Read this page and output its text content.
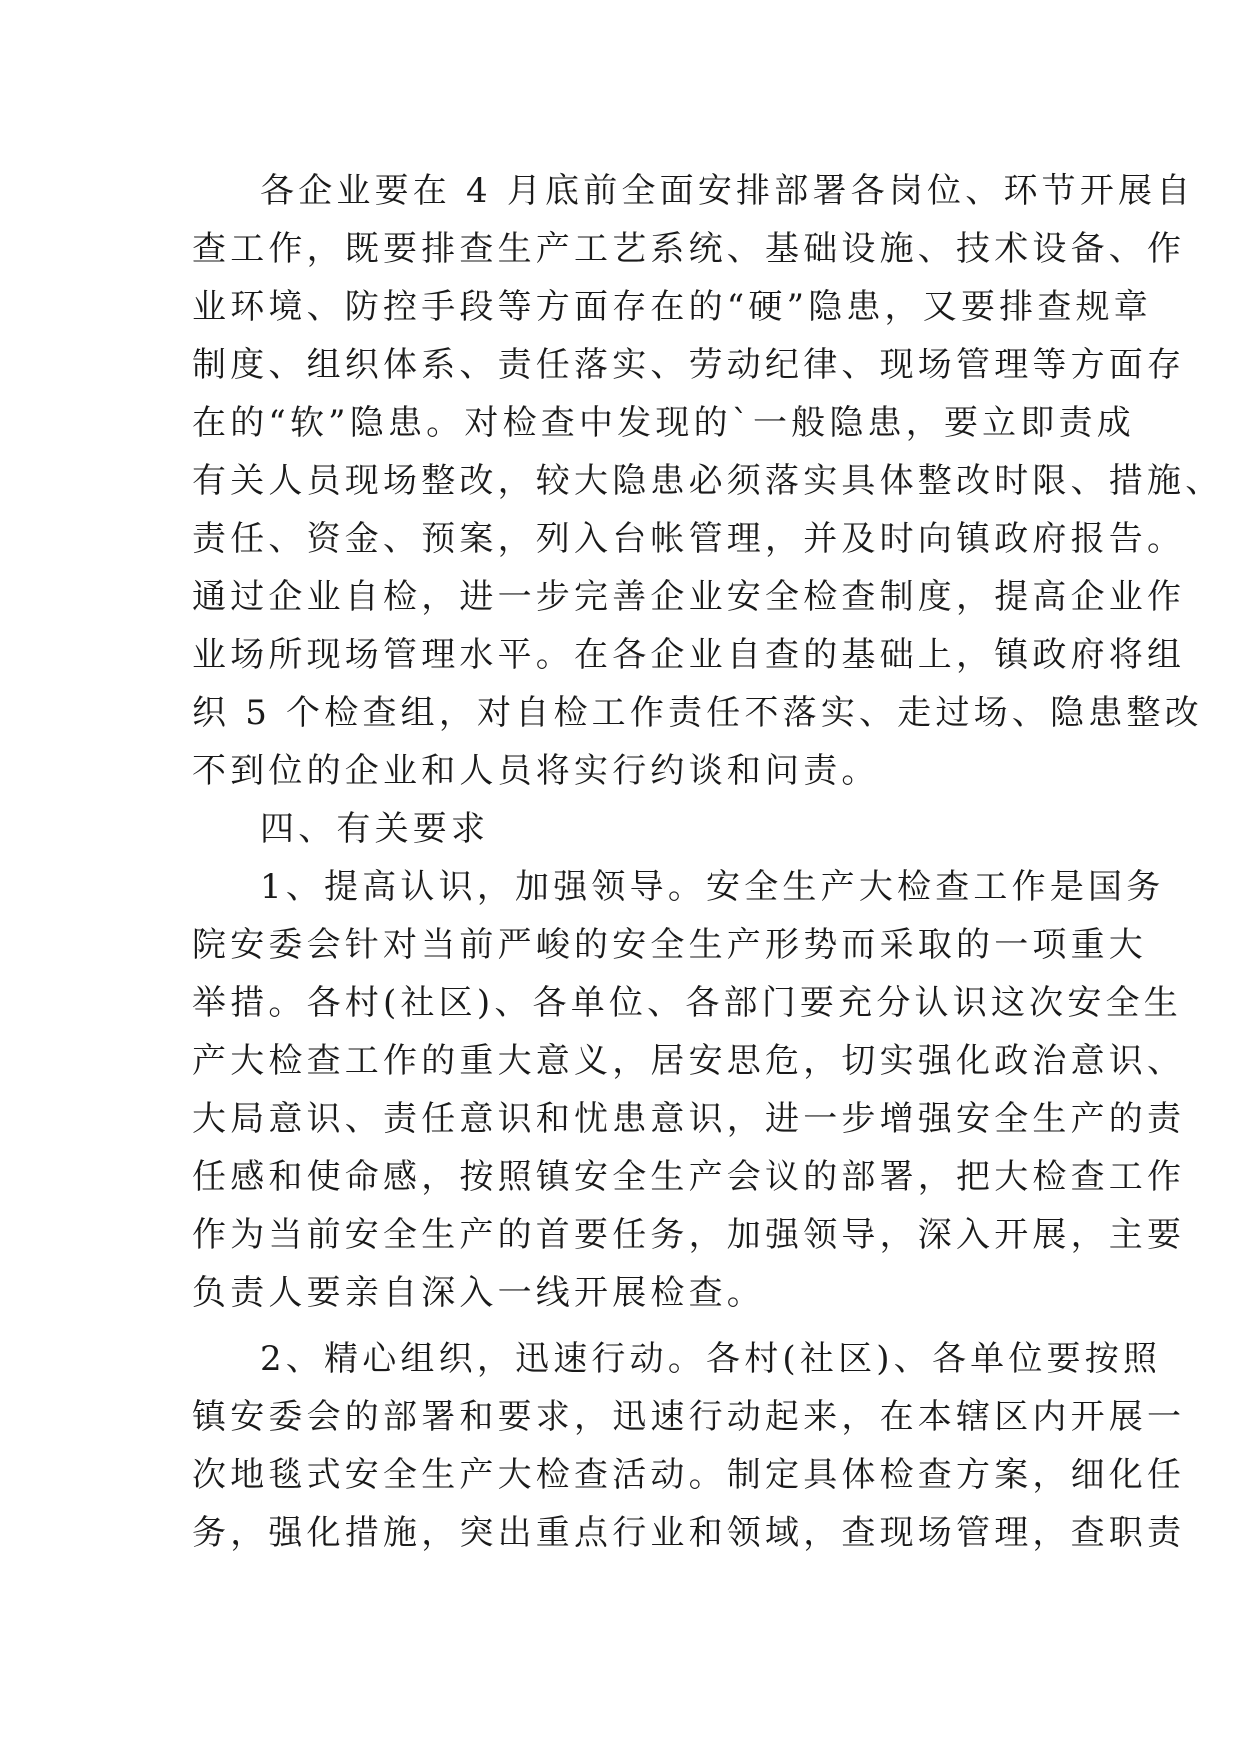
各企业要在 4 月底前全面安排部署各岗位、环节开展自
查工作，既要排查生产工艺系统、基础设施、技术设备、作
业环境、防控手段等方面存在的“硬”隐患，又要排查规章
制度、组织体系、责任落实、劳动纪律、现场管理等方面存
在的“软”隐患。对检查中发现的`一般隐患，要立即责成
有关人员现场整改，较大隐患必须落实具体整改时限、措施、
责任、资金、预案，列入台帐管理，并及时向镇政府报告。
通过企业自检，进一步完善企业安全检查制度，提高企业作
业场所现场管理水平。在各企业自查的基础上，镇政府将组
织 5 个检查组，对自检工作责任不落实、走过场、隐患整改
不到位的企业和人员将实行约谈和问责。
四、有关要求
1、提高认识，加强领导。安全生产大检查工作是国务
院安委会针对当前严峻的安全生产形势而采取的一项重大
举措。各村(社区)、各单位、各部门要充分认识这次安全生
产大检查工作的重大意义，居安思危，切实强化政治意识、
大局意识、责任意识和忧患意识，进一步增强安全生产的责
任感和使命感，按照镇安全生产会议的部署，把大检查工作
作为当前安全生产的首要任务，加强领导，深入开展，主要
负责人要亲自深入一线开展检查。
2、精心组织，迅速行动。各村(社区)、各单位要按照
镇安委会的部署和要求，迅速行动起来，在本辖区内开展一
次地毯式安全生产大检查活动。制定具体检查方案，细化任
务，强化措施，突出重点行业和领域，查现场管理，查职责
